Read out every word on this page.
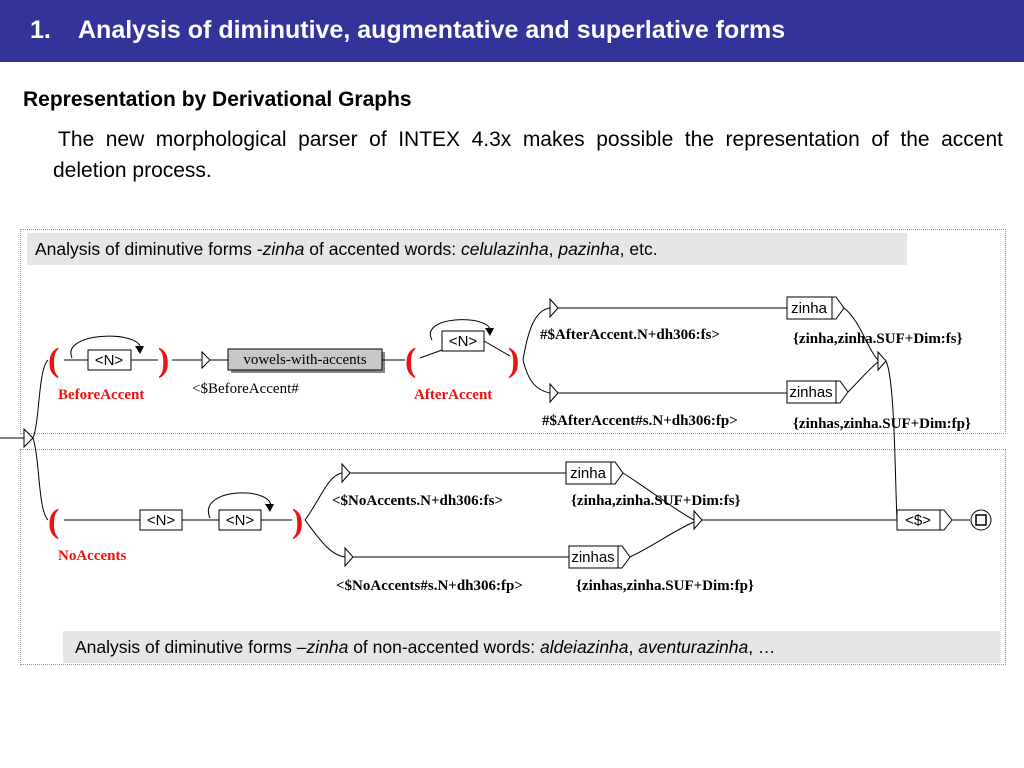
1. Analysis of diminutive, augmentative and superlative forms
Representation by Derivational Graphs
The new morphological parser of INTEX 4.3x makes possible the representation of the accent deletion process.
Analysis of diminutive forms -zinha of accented words: celulazinha, pazinha, etc.
( <N> )
BeforeAccent
vowels-with-accents
<$BeforeAccent#
(
<N>
)
AfterAccent
#$AfterAccent.N+dh306:fs>
#$AfterAccent#s.N+dh306:fp>
zinha
zinhas
{zinha,zinha.SUF+Dim:fs}
{zinhas,zinha.SUF+Dim:fp}
(	<N>	<N> )
NoAccents
<$NoAccents.N+dh306:fs>
<$NoAccents#s.N+dh306:fp>
zinha
zinhas
{zinha,zinha.SUF+Dim:fs}
{zinhas,zinha.SUF+Dim:fp}
<$>
Analysis of diminutive forms –zinha of non-accented words: aldeiazinha, aventurazinha, …
